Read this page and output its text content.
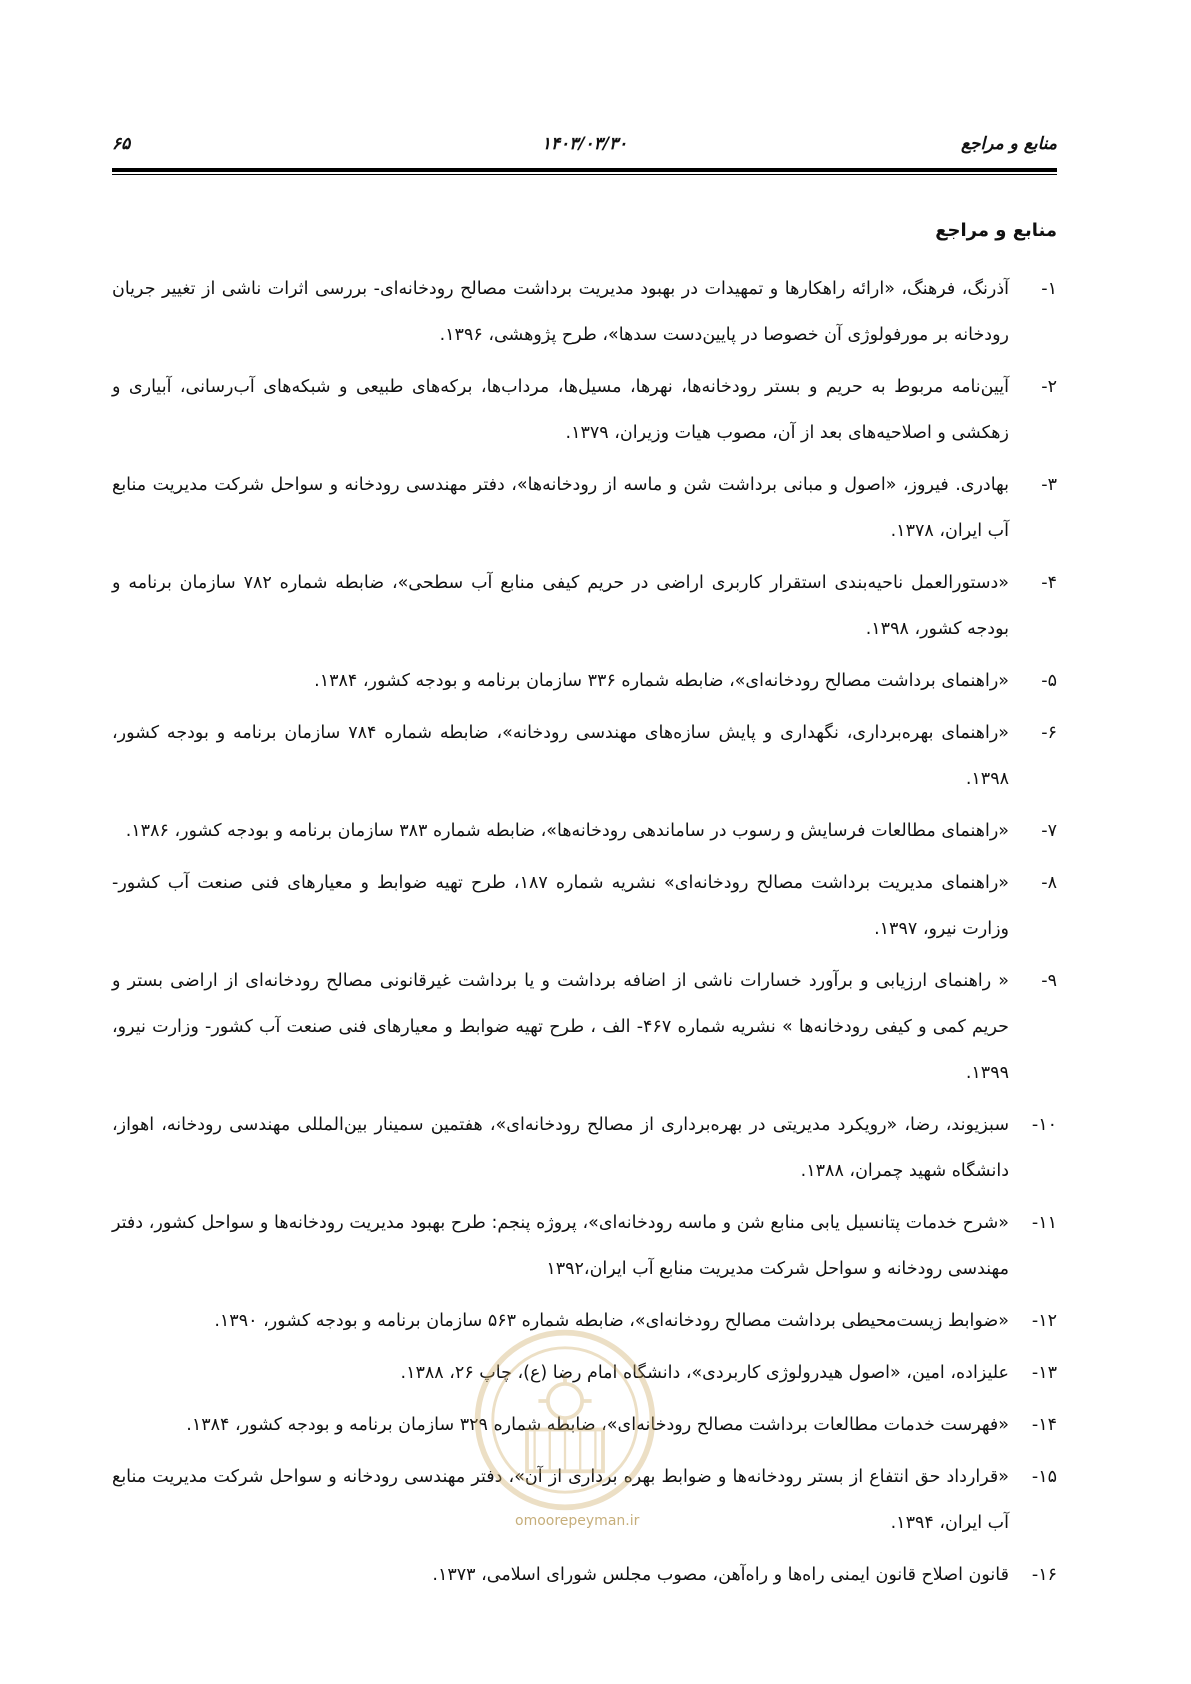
منابع و مراجع
۱۴۰۳/۰۳/۳۰
۶۵
منابع و مراجع
۱-
آذرنگ، فرهنگ، «ارائه راهکارها و تمهیدات در بهبود مدیریت برداشت مصالح رودخانه‌ای- بررسی اثرات ناشی از تغییر جریان رودخانه بر مورفولوژی آن خصوصا در پایین‌دست سدها»، طرح پژوهشی، ۱۳۹۶.
۲-
آیین‌نامه مربوط به حریم و بستر رودخانه‌ها، نهرها، مسیل‌ها، مرداب‌ها، برکه‌های طبیعی و شبکه‌های آب‌رسانی، آبیاری و زهکشی و اصلاحیه‌های بعد از آن، مصوب هیات وزیران، ۱۳۷۹.
۳-
بهادری. فیروز، «اصول و مبانی برداشت شن و ماسه از رودخانه‌ها»، دفتر مهندسی رودخانه و سواحل شرکت مدیریت منابع آب ایران، ۱۳۷۸.
۴-
«دستورالعمل ناحیه‌بندی استقرار کاربری اراضی در حریم کیفی منابع آب سطحی»، ضابطه شماره ۷۸۲ سازمان برنامه و بودجه کشور، ۱۳۹۸.
۵-
«راهنمای برداشت مصالح رودخانه‌ای»، ضابطه شماره ۳۳۶ سازمان برنامه و بودجه کشور، ۱۳۸۴.
۶-
«راهنمای بهره‌برداری، نگهداری و پایش سازه‌های مهندسی رودخانه»، ضابطه شماره ۷۸۴ سازمان برنامه و بودجه کشور، ۱۳۹۸.
۷-
«راهنمای مطالعات فرسایش و رسوب در ساماندهی رودخانه‌ها»، ضابطه شماره ۳۸۳ سازمان برنامه و بودجه کشور، ۱۳۸۶.
۸-
«راهنمای مدیریت برداشت مصالح رودخانه‌ای» نشریه شماره ۱۸۷، طرح تهیه ضوابط و معیارهای فنی صنعت آب کشور- وزارت نیرو، ۱۳۹۷.
۹-
« راهنمای ارزیابی و برآورد خسارات ناشی از اضافه برداشت و یا برداشت غیرقانونی مصالح رودخانه‌ای از اراضی بستر و حریم کمی و کیفی رودخانه‌ها » نشریه شماره ۴۶۷- الف ، طرح تهیه ضوابط و معیارهای فنی صنعت آب کشور- وزارت نیرو، ۱۳۹۹.
۱۰-
سبزیوند، رضا، «رویکرد مدیریتی در بهره‌برداری از مصالح رودخانه‌ای»، هفتمین سمینار بین‌المللی مهندسی رودخانه، اهواز، دانشگاه شهید چمران، ۱۳۸۸.
۱۱-
«شرح خدمات پتانسیل یابی منابع شن و ماسه رودخانه‌ای»، پروژه پنجم: طرح بهبود مدیریت رودخانه‌ها و سواحل کشور، دفتر مهندسی رودخانه و سواحل شرکت مدیریت منابع آب ایران،۱۳۹۲
۱۲-
«ضوابط زیست‌محیطی برداشت مصالح رودخانه‌ای»، ضابطه شماره ۵۶۳ سازمان برنامه و بودجه کشور، ۱۳۹۰.
۱۳-
علیزاده، امین، «اصول هیدرولوژی کاربردی»، دانشگاه امام رضا (ع)، چاپ ۲۶، ۱۳۸۸.
۱۴-
«فهرست خدمات مطالعات برداشت مصالح رودخانه‌ای»، ضابطه شماره ۳۲۹ سازمان برنامه و بودجه کشور، ۱۳۸۴.
۱۵-
«قرارداد حق انتفاع از بستر رودخانه‌ها و ضوابط بهره برداری از آن»، دفتر مهندسی رودخانه و سواحل شرکت مدیریت منابع آب ایران، ۱۳۹۴.
۱۶-
قانون اصلاح قانون ایمنی راه‌ها و راه‌آهن، مصوب مجلس شورای اسلامی، ۱۳۷۳.
omoorepeyman.ir
